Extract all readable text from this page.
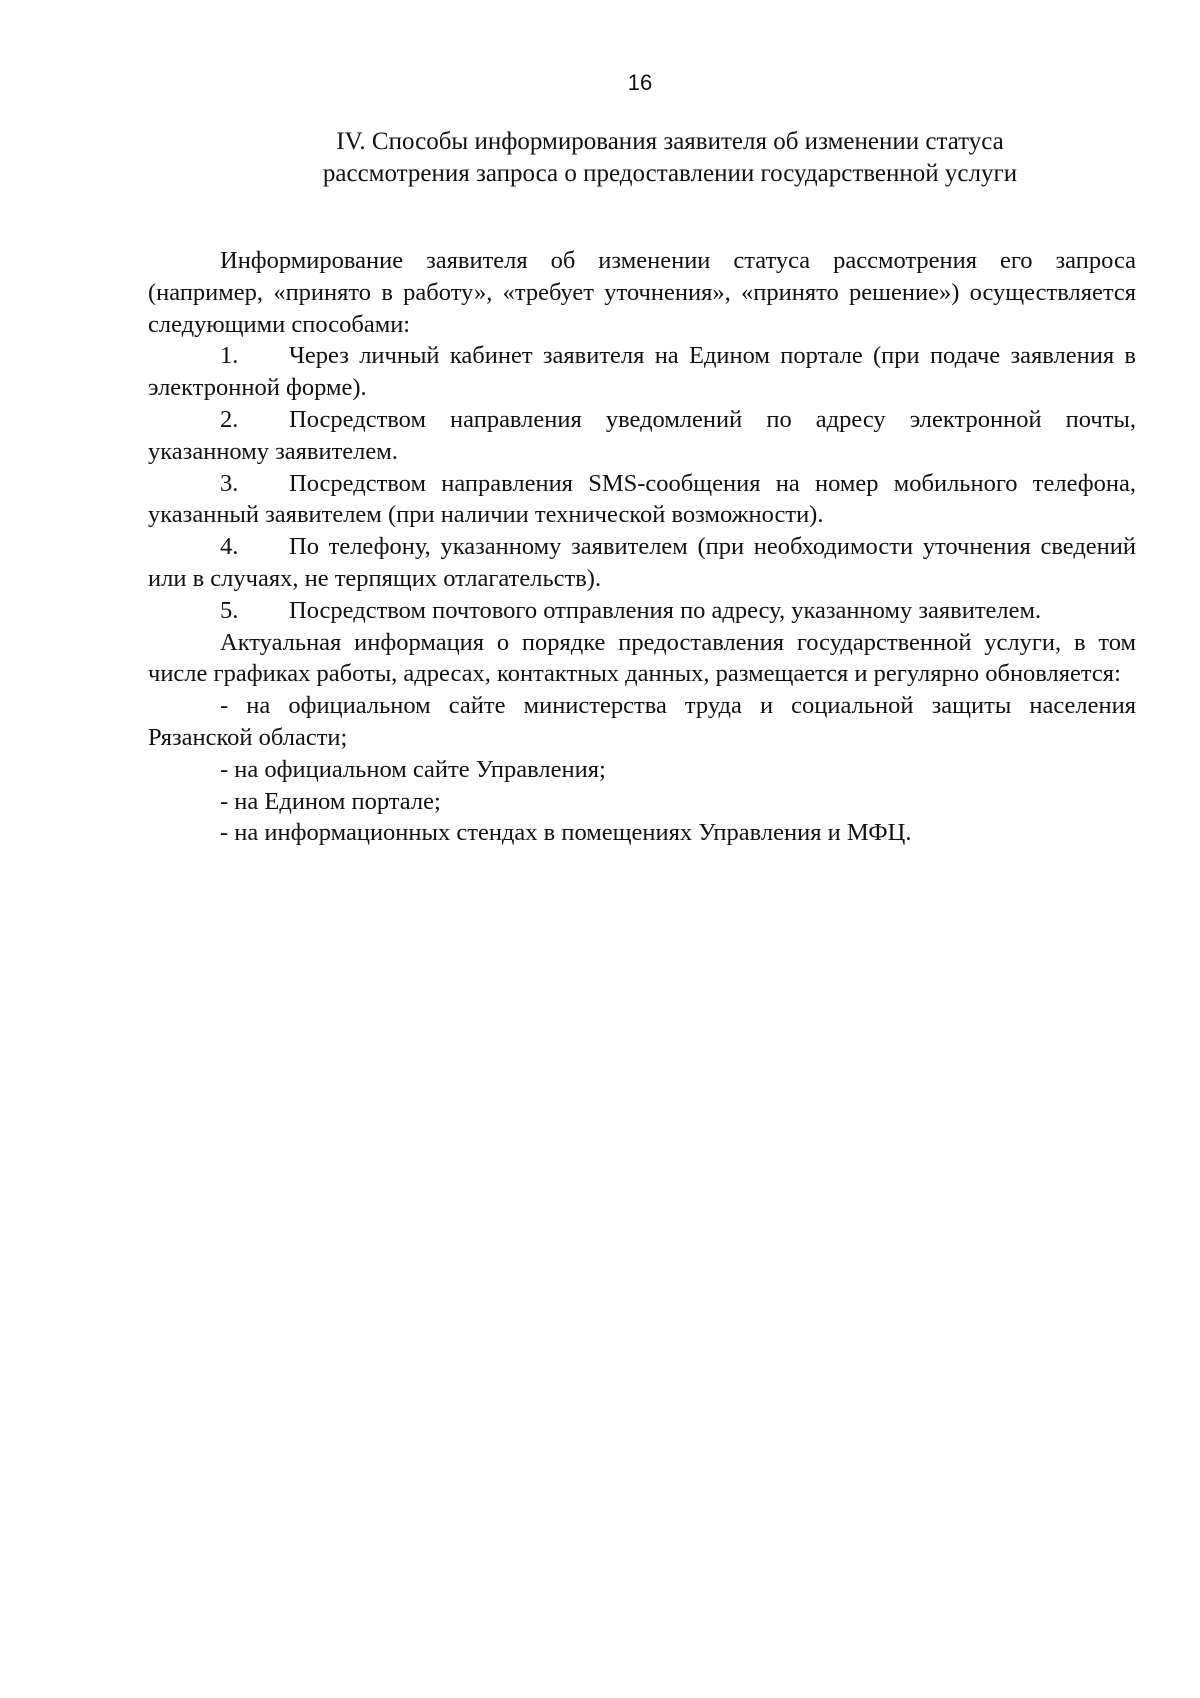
16
IV. Способы информирования заявителя об изменении статуса
рассмотрения запроса о предоставлении государственной услуги

Информирование заявителя об изменении статуса рассмотрения его запроса (например, «принято в работу», «требует уточнения», «принято решение») осуществляется следующими способами:

1. Через личный кабинет заявителя на Едином портале (при подаче заявления в электронной форме).

2. Посредством направления уведомлений по адресу электронной почты, указанному заявителем.

3. Посредством направления SMS-сообщения на номер мобильного телефона, указанный заявителем (при наличии технической возможности).

4. По телефону, указанному заявителем (при необходимости уточнения сведений или в случаях, не терпящих отлагательств).

5. Посредством почтового отправления по адресу, указанному заявителем.

Актуальная информация о порядке предоставления государственной услуги, в том числе графиках работы, адресах, контактных данных, размещается и регулярно обновляется:

- на официальном сайте министерства труда и социальной защиты населения Рязанской области;

- на официальном сайте Управления;

- на Едином портале;

- на информационных стендах в помещениях Управления и МФЦ.
